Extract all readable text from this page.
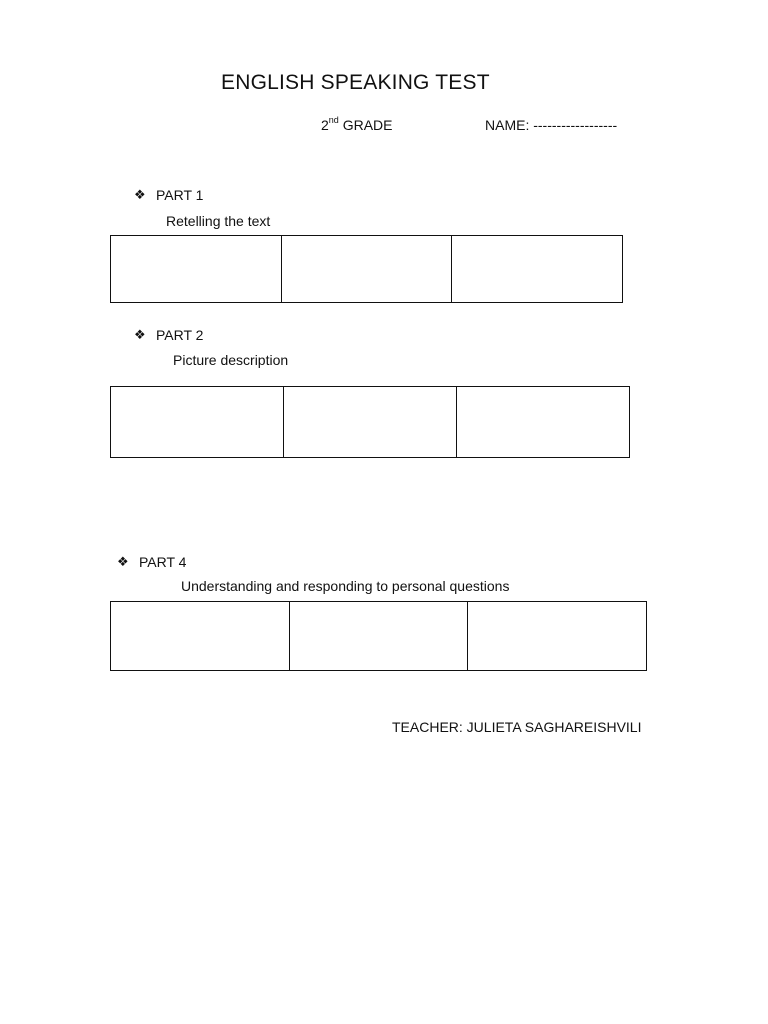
ENGLISH SPEAKING TEST
2nd GRADE	NAME: ------------------
❖ PART 1
Retelling the text

❖ PART 2
Picture description

❖ PART 4
Understanding and responding to personal questions

TEACHER: JULIETA SAGHAREISHVILI
